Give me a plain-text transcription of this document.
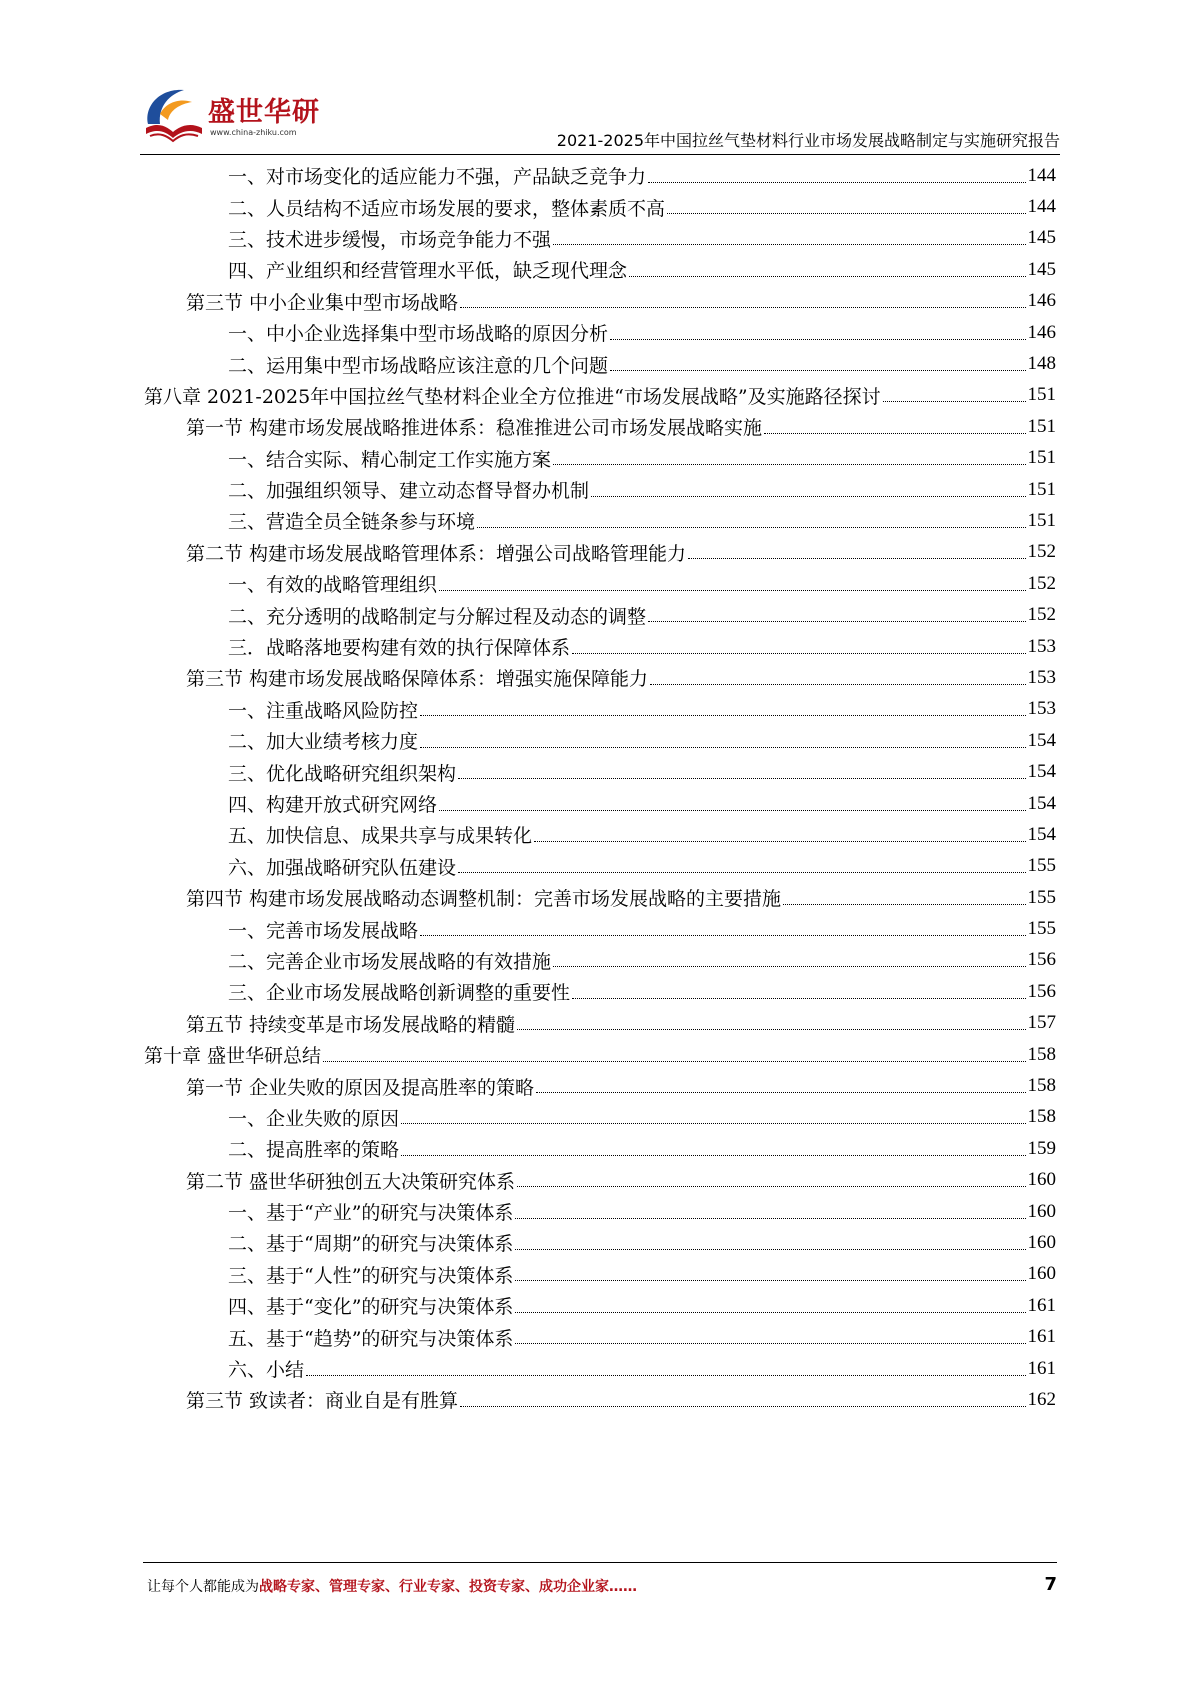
盛世华研
www.china-zhiku.com	2021-2025年中国拉丝气垫材料行业市场发展战略制定与实施研究报告
一、对市场变化的适应能力不强，产品缺乏竞争力	144
二、人员结构不适应市场发展的要求，整体素质不高	144
三、技术进步缓慢，市场竞争能力不强	145
四、产业组织和经营管理水平低，缺乏现代理念	145
第三节 中小企业集中型市场战略	146
一、中小企业选择集中型市场战略的原因分析	146
二、运用集中型市场战略应该注意的几个问题	148
第八章 2021-2025年中国拉丝气垫材料企业全方位推进“市场发展战略”及实施路径探讨	151
第一节 构建市场发展战略推进体系：稳准推进公司市场发展战略实施	151
一、结合实际、精心制定工作实施方案	151
二、加强组织领导、建立动态督导督办机制	151
三、营造全员全链条参与环境	151
第二节 构建市场发展战略管理体系：增强公司战略管理能力	152
一、有效的战略管理组织	152
二、充分透明的战略制定与分解过程及动态的调整	152
三．战略落地要构建有效的执行保障体系	153
第三节 构建市场发展战略保障体系：增强实施保障能力	153
一、注重战略风险防控	153
二、加大业绩考核力度	154
三、优化战略研究组织架构	154
四、构建开放式研究网络	154
五、加快信息、成果共享与成果转化	154
六、加强战略研究队伍建设	155
第四节 构建市场发展战略动态调整机制：完善市场发展战略的主要措施	155
一、完善市场发展战略	155
二、完善企业市场发展战略的有效措施	156
三、企业市场发展战略创新调整的重要性	156
第五节 持续变革是市场发展战略的精髓	157
第十章 盛世华研总结	158
第一节 企业失败的原因及提高胜率的策略	158
一、企业失败的原因	158
二、提高胜率的策略	159
第二节 盛世华研独创五大决策研究体系	160
一、基于“产业”的研究与决策体系	160
二、基于“周期”的研究与决策体系	160
三、基于“人性”的研究与决策体系	160
四、基于“变化”的研究与决策体系	161
五、基于“趋势”的研究与决策体系	161
六、小结	161
第三节 致读者：商业自是有胜算	162
让每个人都能成为战略专家、管理专家、行业专家、投资专家、成功企业家……	7
